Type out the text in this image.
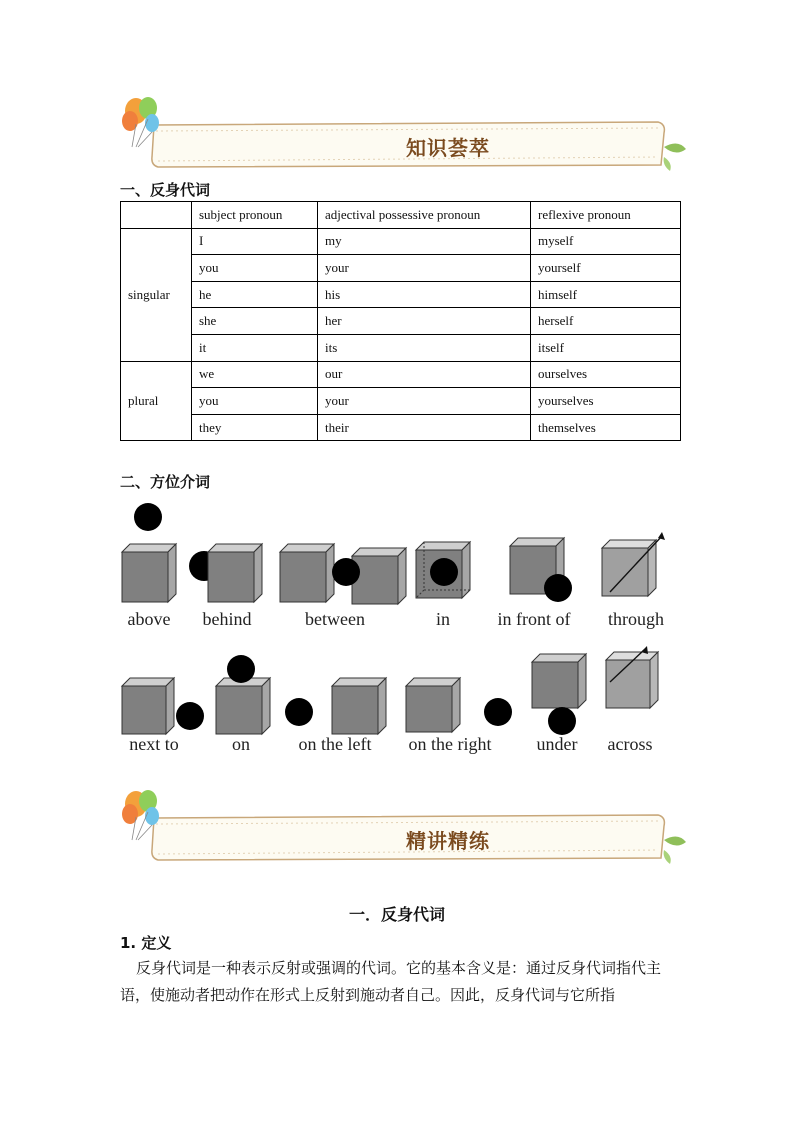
知识荟萃
一、反身代词
	subject pronoun	adjectival possessive pronoun	reflexive pronoun
singular	I	my	myself
	you	your	yourself
	he	his	himself
	she	her	herself
	it	its	itself
plural	we	our	ourselves
	you	your	yourselves
	they	their	themselves
二、方位介词
above behind	between	in	in front of through
next to	on	on the left on the right	under across
精讲精练
一．反身代词
1. 定义
反身代词是一种表示反射或强调的代词。它的基本含义是：通过反身代词指代主语，使施动者把动作在形式上反射到施动者自己。因此，反身代词与它所指
